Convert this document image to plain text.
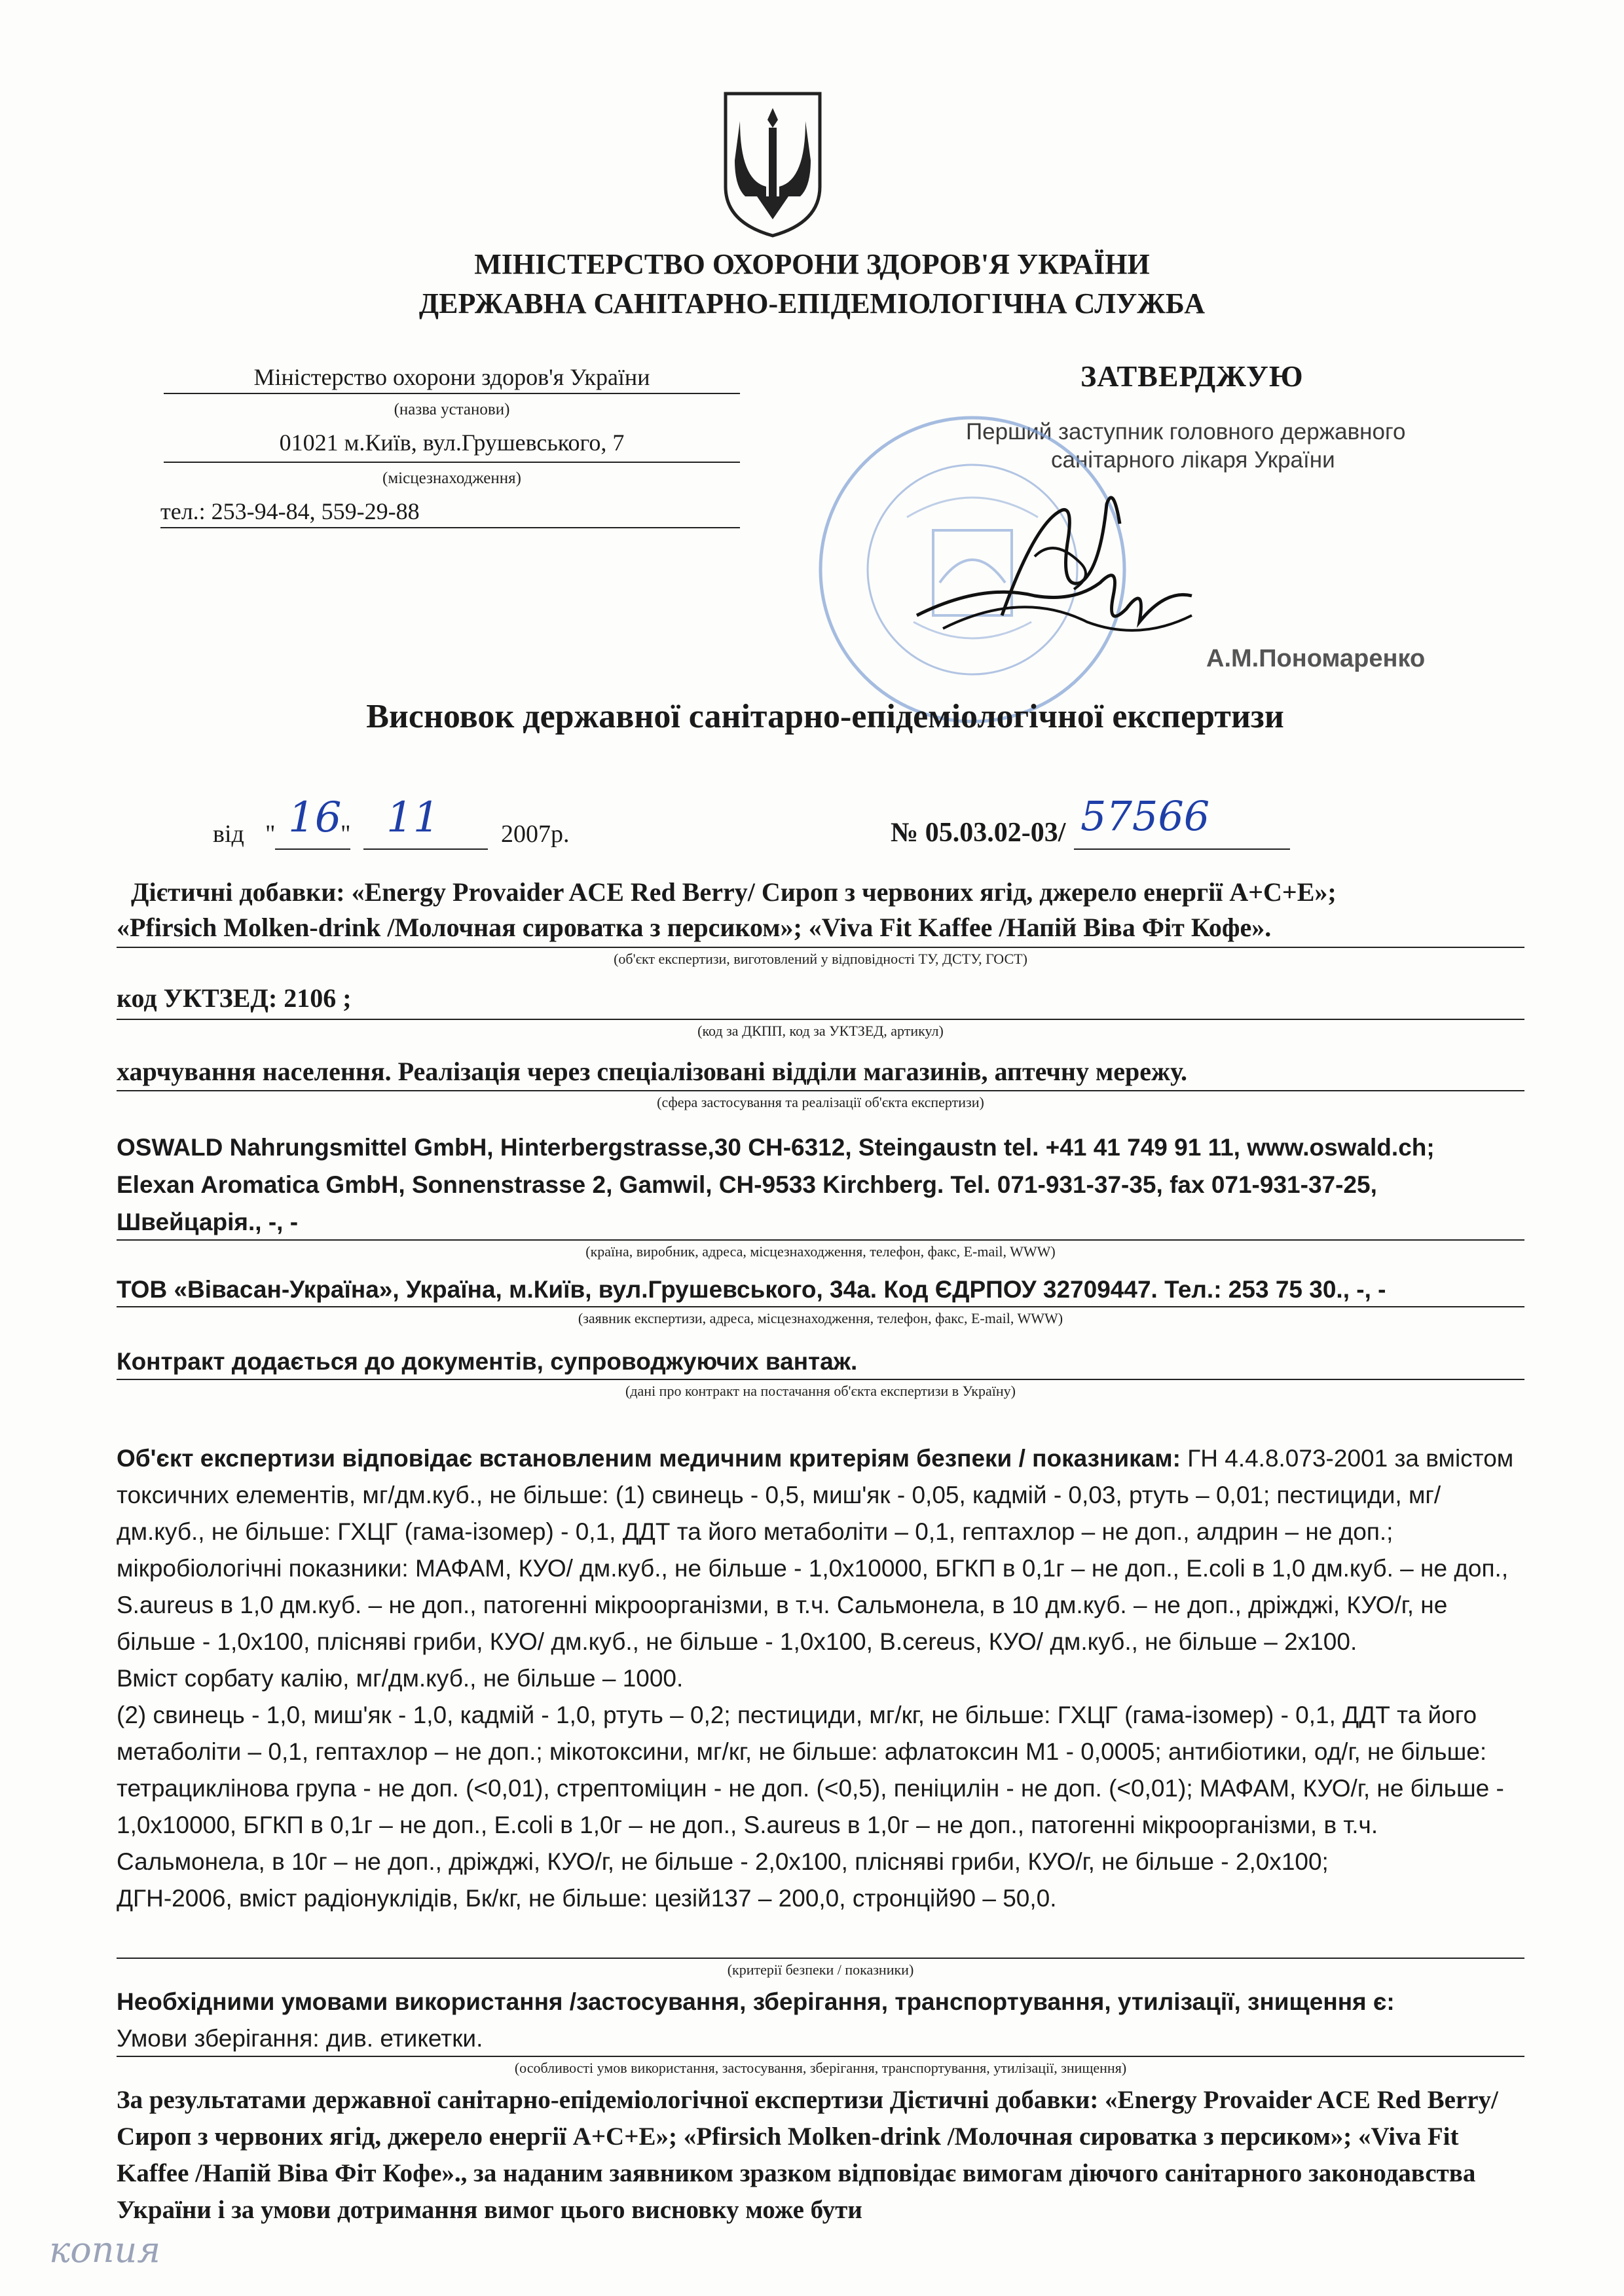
МІНІСТЕРСТВО ОХОРОНИ ЗДОРОВ'Я УКРАЇНИ
ДЕРЖАВНА САНІТАРНО-ЕПІДЕМІОЛОГІЧНА СЛУЖБА
Міністерство охорони здоров'я України
(назва установи)
01021 м.Київ, вул.Грушевського, 7
(місцезнаходження)
тел.: 253-94-84, 559-29-88
ЗАТВЕРДЖУЮ
Перший заступник головного державного
санітарного лікаря України
А.М.Пономаренко
Висновок державної санітарно-епідеміологічної експертизи
від " 16
" 11 2007р.	№ 05.03.02-03/ 57566
Дієтичні добавки: «Energy Provaider ACE Red Berry/ Сироп з червоних ягід, джерело енергії А+С+Е»;
«Pfirsich Molken-drink /Молочная сироватка з персиком»; «Viva Fit Kaffee /Напій Віва Фіт Кофе».
(об'єкт експертизи, виготовлений у відповідності ТУ, ДСТУ, ГОСТ)
код УКТЗЕД: 2106 ;
(код за ДКПП, код за УКТЗЕД, артикул)
харчування населення. Реалізація через спеціалізовані відділи магазинів, аптечну мережу.
(сфера застосування та реалізації об'єкта експертизи)
OSWALD Nahrungsmittel GmbH, Hinterbergstrasse,30 CH-6312, Steingaustn tel. +41 41 749 91 11, www.oswald.ch;
Elexan Aromatica GmbH, Sonnenstrasse 2, Gamwil, CH-9533 Kirchberg. Tel. 071-931-37-35, fax 071-931-37-25,
Швейцарія., -, -
(країна, виробник, адреса, місцезнаходження, телефон, факс, E-mail, WWW)
ТОВ «Вівасан-Україна», Україна, м.Київ, вул.Грушевського, 34а. Код ЄДРПОУ 32709447. Тел.: 253 75 30., -, -
(заявник експертизи, адреса, місцезнаходження, телефон, факс, E-mail, WWW)
Контракт додається до документів, супроводжуючих вантаж.
(дані про контракт на постачання об'єкта експертизи в Україну)
Об'єкт експертизи відповідає встановленим медичним критеріям безпеки / показникам: ГН 4.4.8.073-2001 за вмістом токсичних елементів, мг/дм.куб., не більше: (1) свинець - 0,5, миш'як - 0,05, кадмій - 0,03, ртуть – 0,01; пестициди, мг/ дм.куб., не більше: ГХЦГ (гама-ізомер) - 0,1, ДДТ та його метаболіти – 0,1, гептахлор – не доп., алдрин – не доп.; мікробіологічні показники: МАФАМ, КУО/ дм.куб., не більше - 1,0x10000, БГКП в 0,1г – не доп., E.coli в 1,0 дм.куб. – не доп., S.aureus в 1,0 дм.куб. – не доп., патогенні мікроорганізми, в т.ч. Сальмонела, в 10 дм.куб. – не доп., дріжджі, КУО/г, не більше - 1,0x100, плісняві гриби, КУО/ дм.куб., не більше - 1,0x100, B.cereus, КУО/ дм.куб., не більше – 2x100.
Вміст сорбату калію, мг/дм.куб., не більше – 1000.
(2) свинець - 1,0, миш'як - 1,0, кадмій - 1,0, ртуть – 0,2; пестициди, мг/кг, не більше: ГХЦГ (гама-ізомер) - 0,1, ДДТ та його метаболіти – 0,1, гептахлор – не доп.; мікотоксини, мг/кг, не більше: афлатоксин М1 - 0,0005; антибіотики, од/г, не більше: тетрациклінова група - не доп. (<0,01), стрептоміцин - не доп. (<0,5), пеніцилін - не доп. (<0,01); МАФАМ, КУО/г, не більше - 1,0x10000, БГКП в 0,1г – не доп., E.coli в 1,0г – не доп., S.aureus в 1,0г – не доп., патогенні мікроорганізми, в т.ч. Сальмонела, в 10г – не доп., дріжджі, КУО/г, не більше - 2,0x100, плісняві гриби, КУО/г, не більше - 2,0x100;
ДГН-2006, вміст радіонуклідів, Бк/кг, не більше: цезій137 – 200,0, стронцій90 – 50,0.
(критерії безпеки / показники)
Необхідними умовами використання /застосування, зберігання, транспортування, утилізації, знищення є:
Умови зберігання: див. етикетки.
(особливості умов використання, застосування, зберігання, транспортування, утилізації, знищення)
За результатами державної санітарно-епідеміологічної експертизи Дієтичні добавки: «Energy Provaider ACE Red Berry/ Сироп з червоних ягід, джерело енергії А+С+Е»; «Pfirsich Molken-drink /Молочная сироватка з персиком»; «Viva Fit Kaffee /Напій Віва Фіт Кофе»., за наданим заявником зразком відповідає вимогам діючого санітарного законодавства України і за умови дотримання вимог цього висновку може бути
копия
